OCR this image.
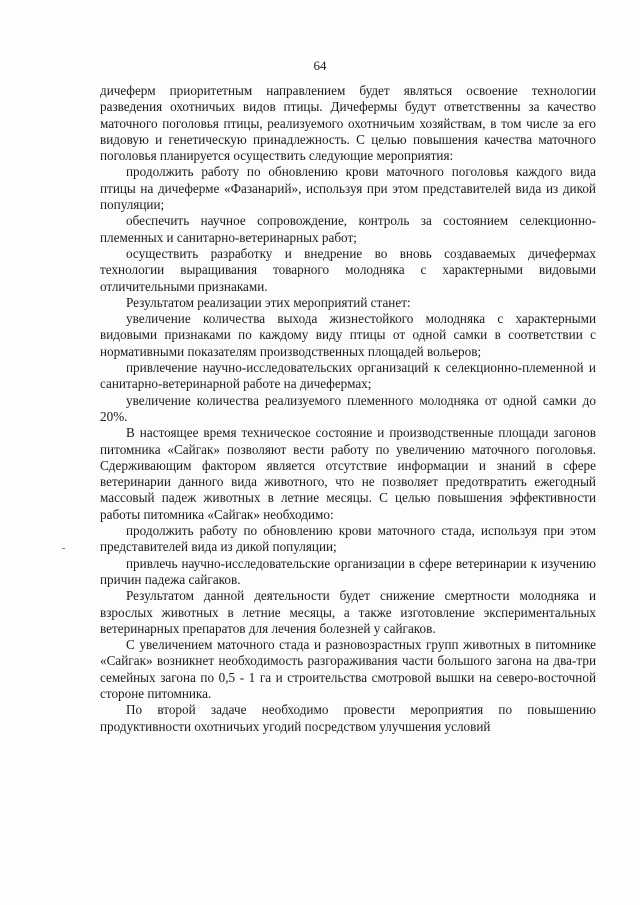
64

дичеферм приоритетным направлением будет являться освоение технологии разведения охотничьих видов птицы. Дичефермы будут ответственны за качество маточного поголовья птицы, реализуемого охотничьим хозяйствам, в том числе за его видовую и генетическую принадлежность. С целью повышения качества маточного поголовья планируется осуществить следующие мероприятия:

продолжить работу по обновлению крови маточного поголовья каждого вида птицы на дичеферме «Фазанарий», используя при этом представителей вида из дикой популяции;

обеспечить научное сопровождение, контроль за состоянием селекционно-племенных и санитарно-ветеринарных работ;

осуществить разработку и внедрение во вновь создаваемых дичефермах технологии выращивания товарного молодняка с характерными видовыми отличительными признаками.

Результатом реализации этих мероприятий станет:

увеличение количества выхода жизнестойкого молодняка с характерными видовыми признаками по каждому виду птицы от одной самки в соответствии с нормативными показателям производственных площадей вольеров;

привлечение научно-исследовательских организаций к селекционно-племенной и санитарно-ветеринарной работе на дичефермах;

увеличение количества реализуемого племенного молодняка от одной самки до 20%.

В настоящее время техническое состояние и производственные площади загонов питомника «Сайгак» позволяют вести работу по увеличению маточного поголовья. Сдерживающим фактором является отсутствие информации и знаний в сфере ветеринарии данного вида животного, что не позволяет предотвратить ежегодный массовый падеж животных в летние месяцы. С целью повышения эффективности работы питомника «Сайгак» необходимо:

продолжить работу по обновлению крови маточного стада, используя при этом представителей вида из дикой популяции;

привлечь научно-исследовательские организации в сфере ветеринарии к изучению причин падежа сайгаков.

Результатом данной деятельности будет снижение смертности молодняка и взрослых животных в летние месяцы, а также изготовление экспериментальных ветеринарных препаратов для лечения болезней у сайгаков.

С увеличением маточного стада и разновозрастных групп животных в питомнике «Сайгак» возникнет необходимость разгораживания части большого загона на два-три семейных загона по 0,5 - 1 га и строительства смотровой вышки на северо-восточной стороне питомника.

По второй задаче необходимо провести мероприятия по повышению продуктивности охотничьих угодий посредством улучшения условий
